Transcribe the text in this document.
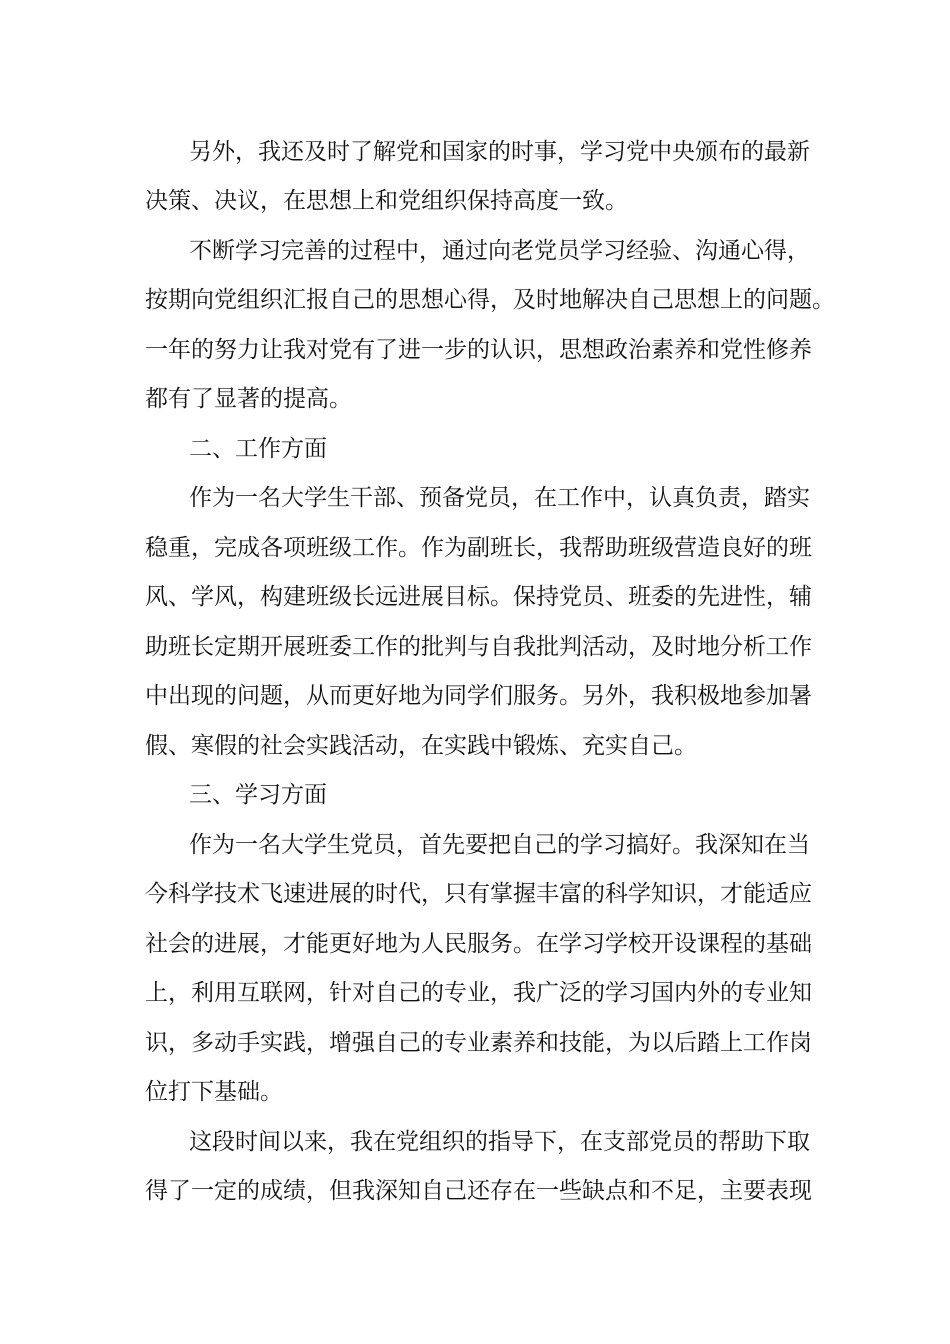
另外，我还及时了解党和国家的时事，学习党中央颁布的最新

决策、决议，在思想上和党组织保持高度一致。

不断学习完善的过程中，通过向老党员学习经验、沟通心得，

按期向党组织汇报自己的思想心得，及时地解决自己思想上的问题。

一年的努力让我对党有了进一步的认识，思想政治素养和党性修养

都有了显著的提高。

二、工作方面

作为一名大学生干部、预备党员，在工作中，认真负责，踏实

稳重，完成各项班级工作。作为副班长，我帮助班级营造良好的班

风、学风，构建班级长远进展目标。保持党员、班委的先进性，辅

助班长定期开展班委工作的批判与自我批判活动，及时地分析工作

中出现的问题，从而更好地为同学们服务。另外，我积极地参加暑

假、寒假的社会实践活动，在实践中锻炼、充实自己。

三、学习方面

作为一名大学生党员，首先要把自己的学习搞好。我深知在当

今科学技术飞速进展的时代，只有掌握丰富的科学知识，才能适应

社会的进展，才能更好地为人民服务。在学习学校开设课程的基础

上，利用互联网，针对自己的专业，我广泛的学习国内外的专业知

识，多动手实践，增强自己的专业素养和技能，为以后踏上工作岗

位打下基础。

这段时间以来，我在党组织的指导下，在支部党员的帮助下取

得了一定的成绩，但我深知自己还存在一些缺点和不足，主要表现
